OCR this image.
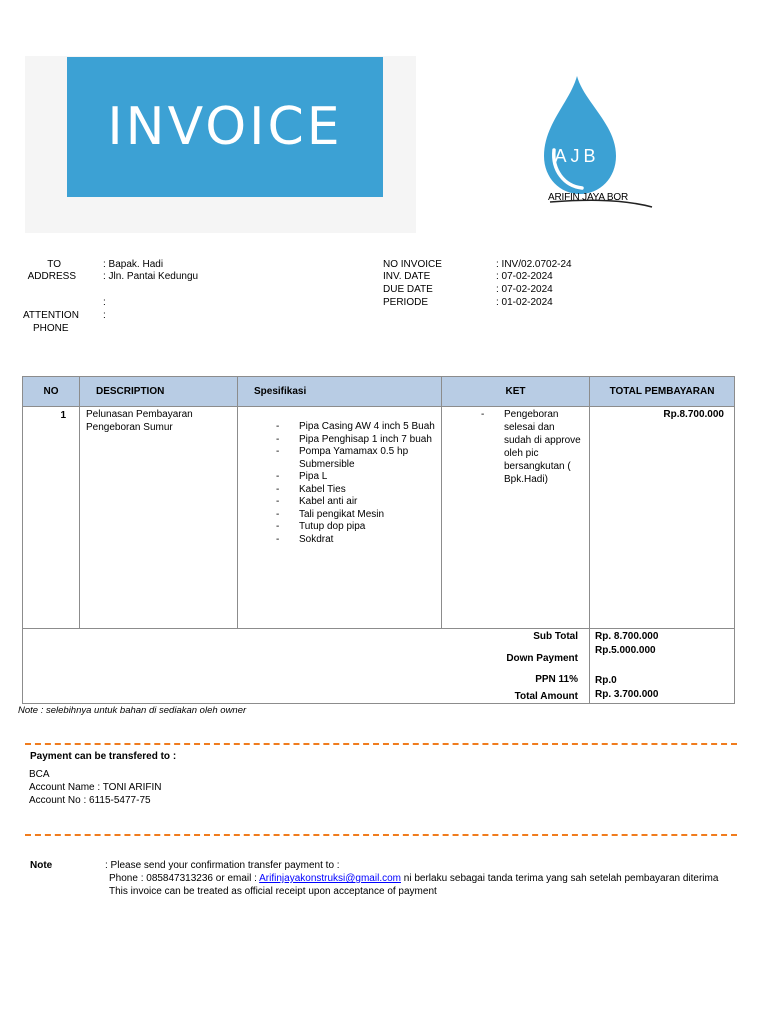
INVOICE	AJB
ARIFIN JAYA BOR
TO	: Bapak. Hadi
ADDRESS	: Jln. Pantai Kedungu
:
ATTENTION :
PHONE
NO INVOICE	: INV/02.0702-24
INV. DATE	: 07-02-2024
DUE DATE	: 07-02-2024
PERIODE	: 01-02-2024
NO	DESCRIPTION	Spesifikasi	KET	TOTAL PEMBAYARAN
1 Pelunasan Pembayaran Pengeboran Sumur
-	Pipa Casing AW 4 inch 5 Buah
- Pipa Penghisap 1 inch 7 buah
- Pompa Yamamax 0.5 hp Submersible
- Pipa L
- Kabel Ties
- Kabel anti air
- Tali pengikat Mesin
- Tutup dop pipa
- Sokdrat
-	Pengeboran selesai dan sudah di approve oleh pic bersangkutan ( Bpk.Hadi)
Rp.8.700.000
Sub Total Rp. 8.700.000
Down Payment
Rp.5.000.000
PPN 11% Rp.0
Total Amount Rp. 3.700.000
Note : selebihnya untuk bahan di sediakan oleh owner
Payment can be transfered to :
BCA
Account Name : TONI ARIFIN
Account No : 6115-5477-75
Note	: Please send your confirmation transfer payment to :
Phone : 085847313236 or email : Arifinjayakonstruksi@gmail.com ni berlaku sebagai tanda terima yang sah setelah pembayaran diterima
This invoice can be treated as official receipt upon acceptance of payment
